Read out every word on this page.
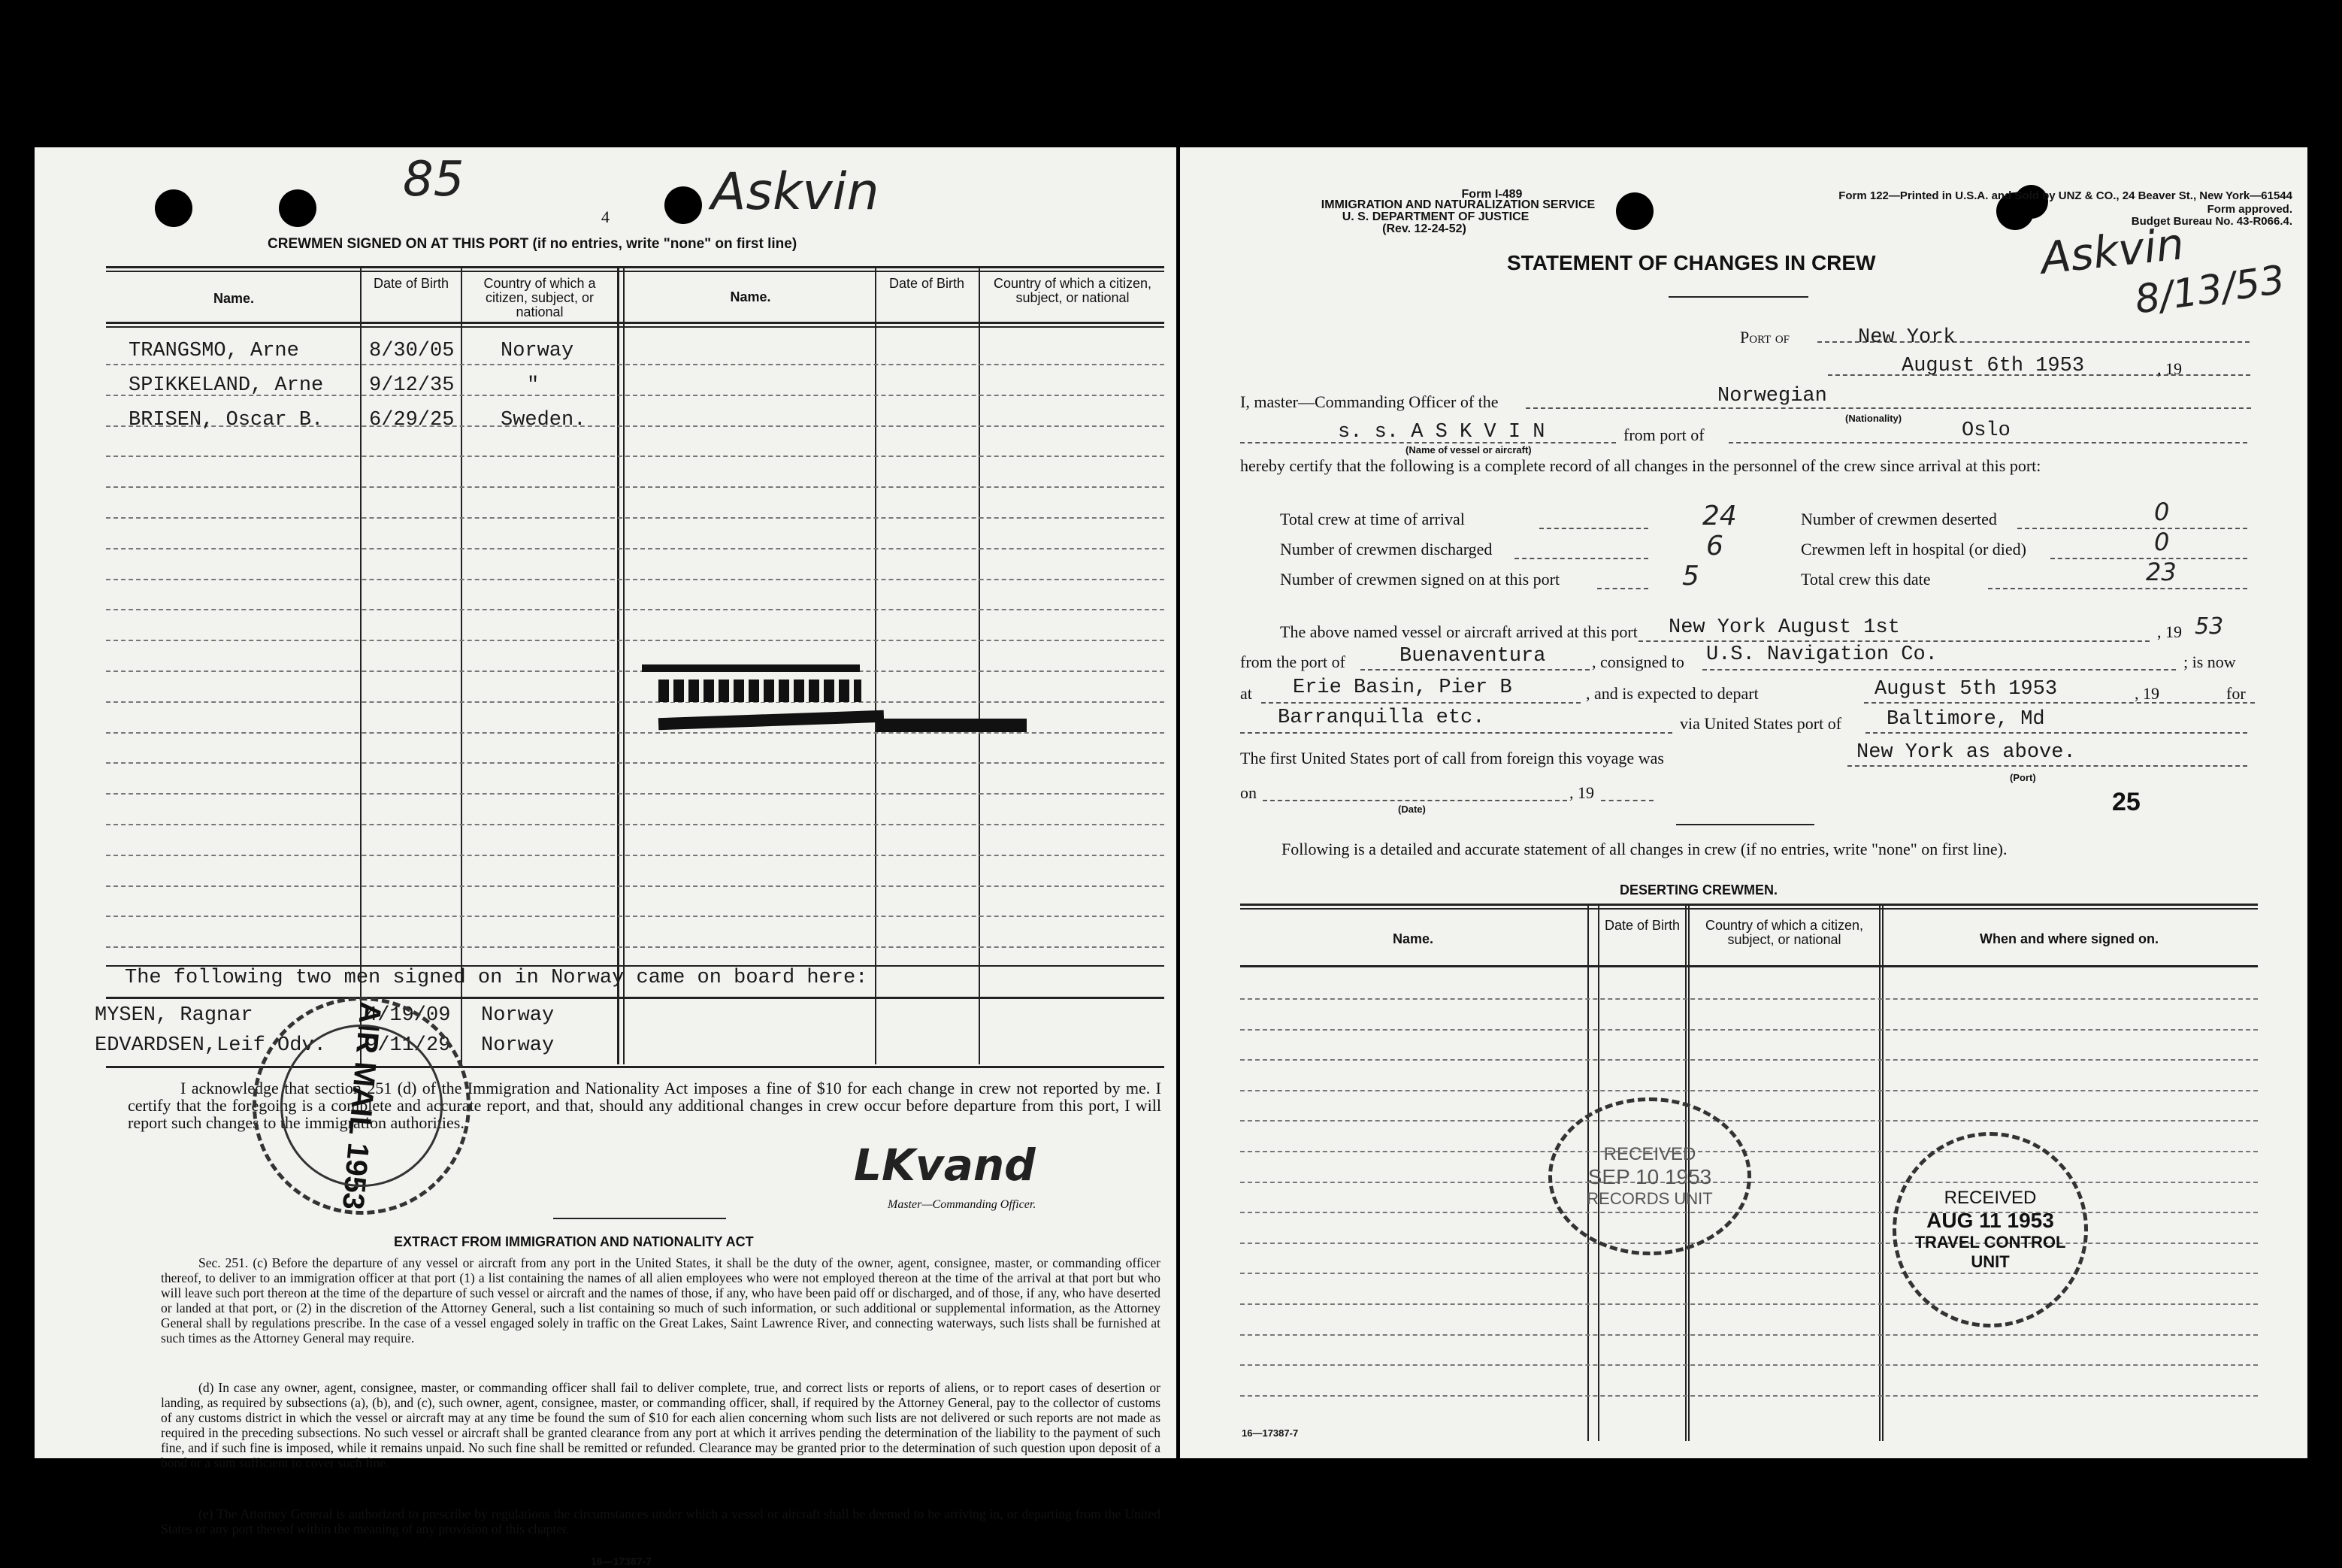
85
4 Askvin
CREWMEN SIGNED ON AT THIS PORT (if no entries, write "none" on first line)
Name.
Date of Birth	Country of which a citizen, subject, or national
Name.
Date of Birth	Country of which a citizen, subject, or national
TRANGSMO, Arne	8/30/05 Norway
SPIKKELAND, Arne 9/12/35	"
BRISEN, Oscar B. 6/29/25 Sweden.
The following two men signed on in Norway came on board here:
MYSEN, Ragnar	4/19/09 Norway
EDVARDSEN,Leif Odv. 9/11/29 Norway
I acknowledge that section 251 (d) of the Immigration and Nationality Act imposes a fine of $10 for each change in crew not reported by me. I certify that the foregoing is a complete and accurate report, and that, should any additional changes in crew occur before departure from this port, I will report such changes to the immigration authorities.
LKvand
Master—Commanding Officer.
EXTRACT FROM IMMIGRATION AND NATIONALITY ACT
Sec. 251. (c) Before the departure of any vessel or aircraft from any port in the United States, it shall be the duty of the owner, agent, consignee, master, or commanding officer thereof, to deliver to an immigration officer at that port (1) a list containing the names of all alien employees who were not employed thereon at the time of the arrival at that port but who will leave such port thereon at the time of the departure of such vessel or aircraft and the names of those, if any, who have been paid off or discharged, and of those, if any, who have deserted or landed at that port, or (2) in the discretion of the Attorney General, such a list containing so much of such information, or such additional or supplemental information, as the Attorney General shall by regulations prescribe. In the case of a vessel engaged solely in traffic on the Great Lakes, Saint Lawrence River, and connecting waterways, such lists shall be furnished at such times as the Attorney General may require.
(d) In case any owner, agent, consignee, master, or commanding officer shall fail to deliver complete, true, and correct lists or reports of aliens, or to report cases of desertion or landing, as required by subsections (a), (b), and (c), such owner, agent, consignee, master, or commanding officer, shall, if required by the Attorney General, pay to the collector of customs of any customs district in which the vessel or aircraft may at any time be found the sum of $10 for each alien concerning whom such lists are not delivered or such reports are not made as required in the preceding subsections. No such vessel or aircraft shall be granted clearance from any port at which it arrives pending the determination of the liability to the payment of such fine, and if such fine is imposed, while it remains unpaid. No such fine shall be remitted or refunded. Clearance may be granted prior to the determination of such question upon deposit of a bond or a sum sufficient to cover such fine.
(e) The Attorney General is authorized to prescribe by regulations the circumstances under which a vessel or aircraft shall be deemed to be arriving in, or departing from the United States or any port thereof within the meaning of any provision of this chapter.
16—17387-7
AIR MAIL 1953
Form I-489
IMMIGRATION AND NATURALIZATION SERVICE
U. S. DEPARTMENT OF JUSTICE
(Rev. 12-24-52)
Form 122—Printed in U.S.A. and Sold by UNZ & CO., 24 Beaver St., New York—61544
Form approved.
Budget Bureau No. 43-R066.4.
STATEMENT OF CHANGES IN CREW	Askvin
8/13/53
Port of	New York
August 6th 1953	, 19
I, master—Commanding Officer of the	Norwegian
(Nationality)
s. s. A S K V I N
(Name of vessel or aircraft)
from port of	Oslo
hereby certify that the following is a complete record of all changes in the personnel of the crew since arrival at this port:
Total crew at time of arrival	24
Number of crewmen discharged	6
Number of crewmen signed on at this port	5
Number of crewmen deserted	0
Crewmen left in hospital (or died)	0
Total crew this date	23
The above named vessel or aircraft arrived at this port New York August 1st	, 19 53
from the port of	Buenaventura	, consigned to U.S. Navigation Co.	; is now
at Erie Basin, Pier B	, and is expected to depart	August 5th 1953	, 19	for
Barranquilla etc.	via United States port of Baltimore, Md
The first United States port of call from foreign this voyage was	New York as above.
(Port)
on
(Date)
, 19	25
Following is a detailed and accurate statement of all changes in crew (if no entries, write "none" on first line).
DESERTING CREWMEN.
Name.
Date of Birth	Country of which a citizen, subject, or national	When and where signed on.
16—17387-7
RECEIVED
SEP 10 1953
RECORDS UNIT	RECEIVED
AUG 11 1953
TRAVEL CONTROL
UNIT
